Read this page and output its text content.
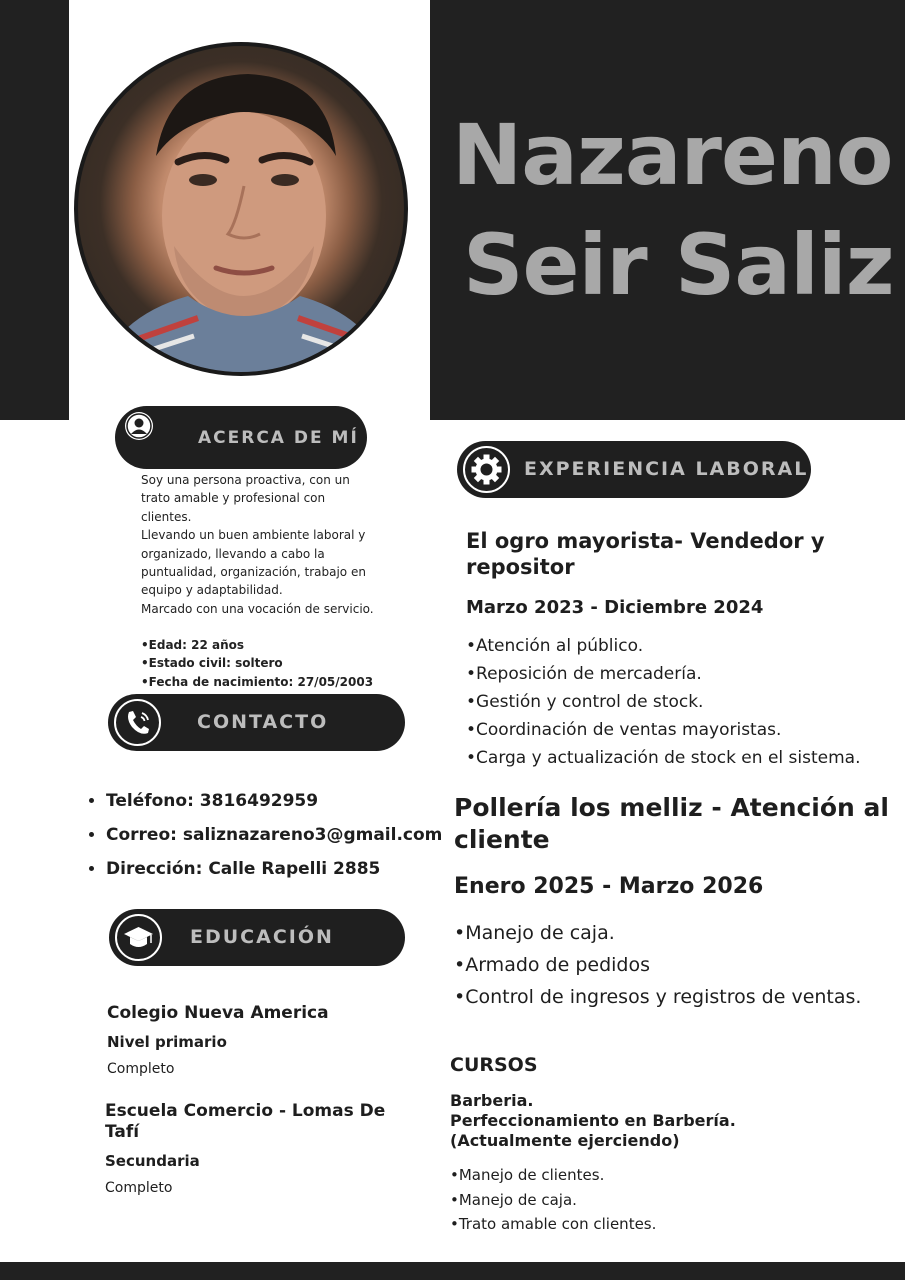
Nazareno
Seir Saliz
ACERCA DE MÍ
Soy una persona proactiva, con un
trato amable y profesional con
clientes.
Llevando un buen ambiente laboral y
organizado, llevando a cabo la
puntualidad, organización, trabajo en
equipo y adaptabilidad.
Marcado con una vocación de servicio.
•Edad: 22 años
•Estado civil: soltero
•Fecha de nacimiento: 27/05/2003
CONTACTO
• Teléfono: 3816492959
• Correo: saliznazareno3@gmail.com
• Dirección: Calle Rapelli 2885
EDUCACIÓN
Colegio Nueva America
Nivel primario
Completo
Escuela Comercio - Lomas De Tafí
Secundaria
Completo
EXPERIENCIA LABORAL
El ogro mayorista- Vendedor y repositor
Marzo 2023 - Diciembre 2024
•Atención al público.
•Reposición de mercadería.
•Gestión y control de stock.
•Coordinación de ventas mayoristas.
•Carga y actualización de stock en el sistema.
Pollería los melliz - Atención al cliente
Enero 2025 - Marzo 2026
•Manejo de caja.
•Armado de pedidos
•Control de ingresos y registros de ventas.
CURSOS
Barberia.
Perfeccionamiento en Barbería.
(Actualmente ejerciendo)
•Manejo de clientes.
•Manejo de caja.
•Trato amable con clientes.
